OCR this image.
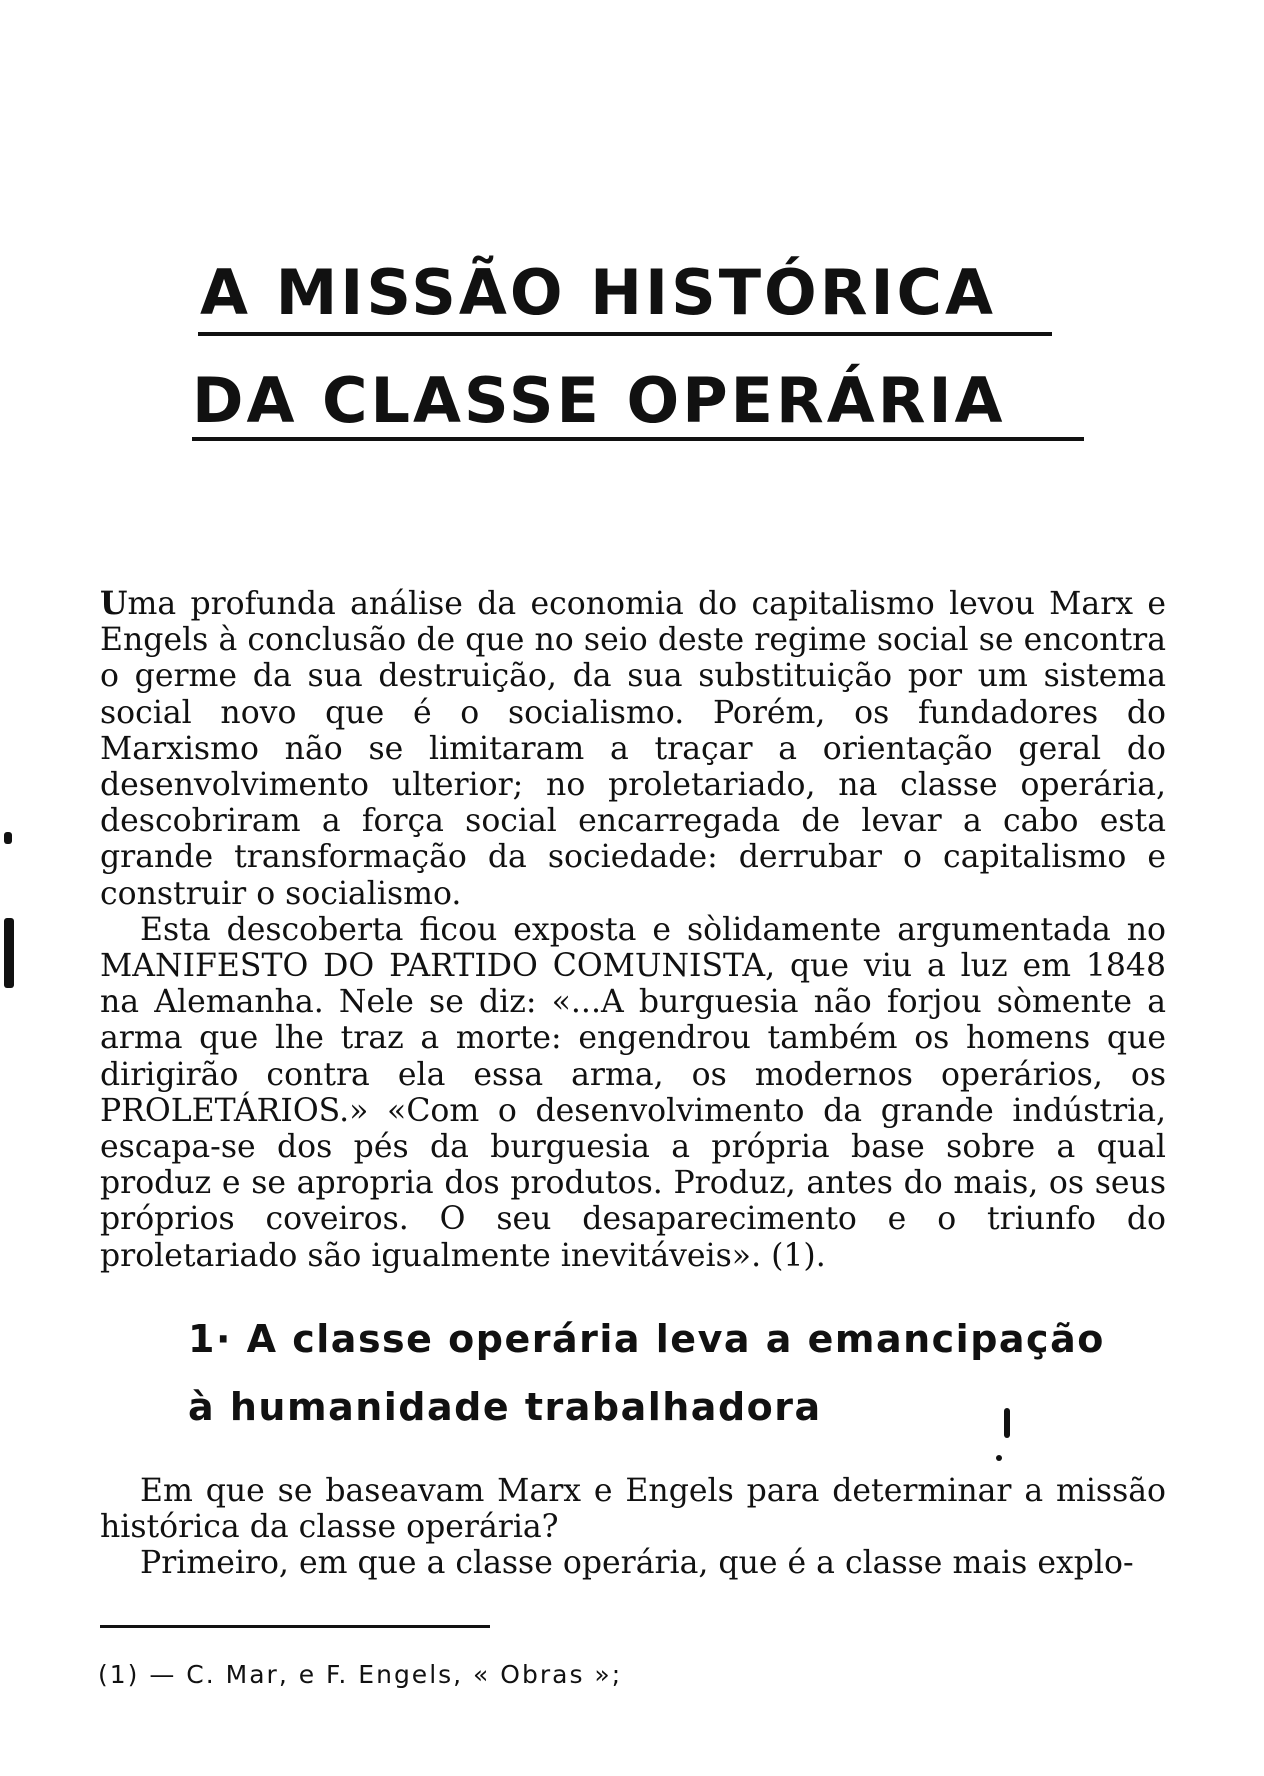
A MISSÃO HISTÓRICA
DA CLASSE OPERÁRIA

Uma profunda análise da economia do capitalismo levou Marx e Engels à conclusão de que no seio deste regime social se encontra o germe da sua destruição, da sua substituição por um sistema social novo que é o socialismo. Porém, os fundadores do Marxismo não se limitaram a traçar a orientação geral do desenvolvimento ulterior; no proletariado, na classe operária, descobriram a força social encarregada de levar a cabo esta grande transformação da sociedade: derrubar o capitalismo e construir o socialismo.

Esta descoberta ficou exposta e sòlidamente argumentada no MANIFESTO DO PARTIDO COMUNISTA, que viu a luz em 1848 na Alemanha. Nele se diz: «...A burguesia não forjou sòmente a arma que lhe traz a morte: engendrou também os homens que dirigirão contra ela essa arma, os modernos operários, os PROLETÁRIOS.» «Com o desenvolvimento da grande indústria, escapa-se dos pés da burguesia a própria base sobre a qual produz e se apropria dos produtos. Produz, antes do mais, os seus próprios coveiros. O seu desaparecimento e o triunfo do proletariado são igualmente inevitáveis». (1).

1· A classe operária leva a emancipação à humanidade trabalhadora

Em que se baseavam Marx e Engels para determinar a missão histórica da classe operária?

Primeiro, em que a classe operária, que é a classe mais explo-

(1) — C. Mar, e F. Engels, « Obras »;
